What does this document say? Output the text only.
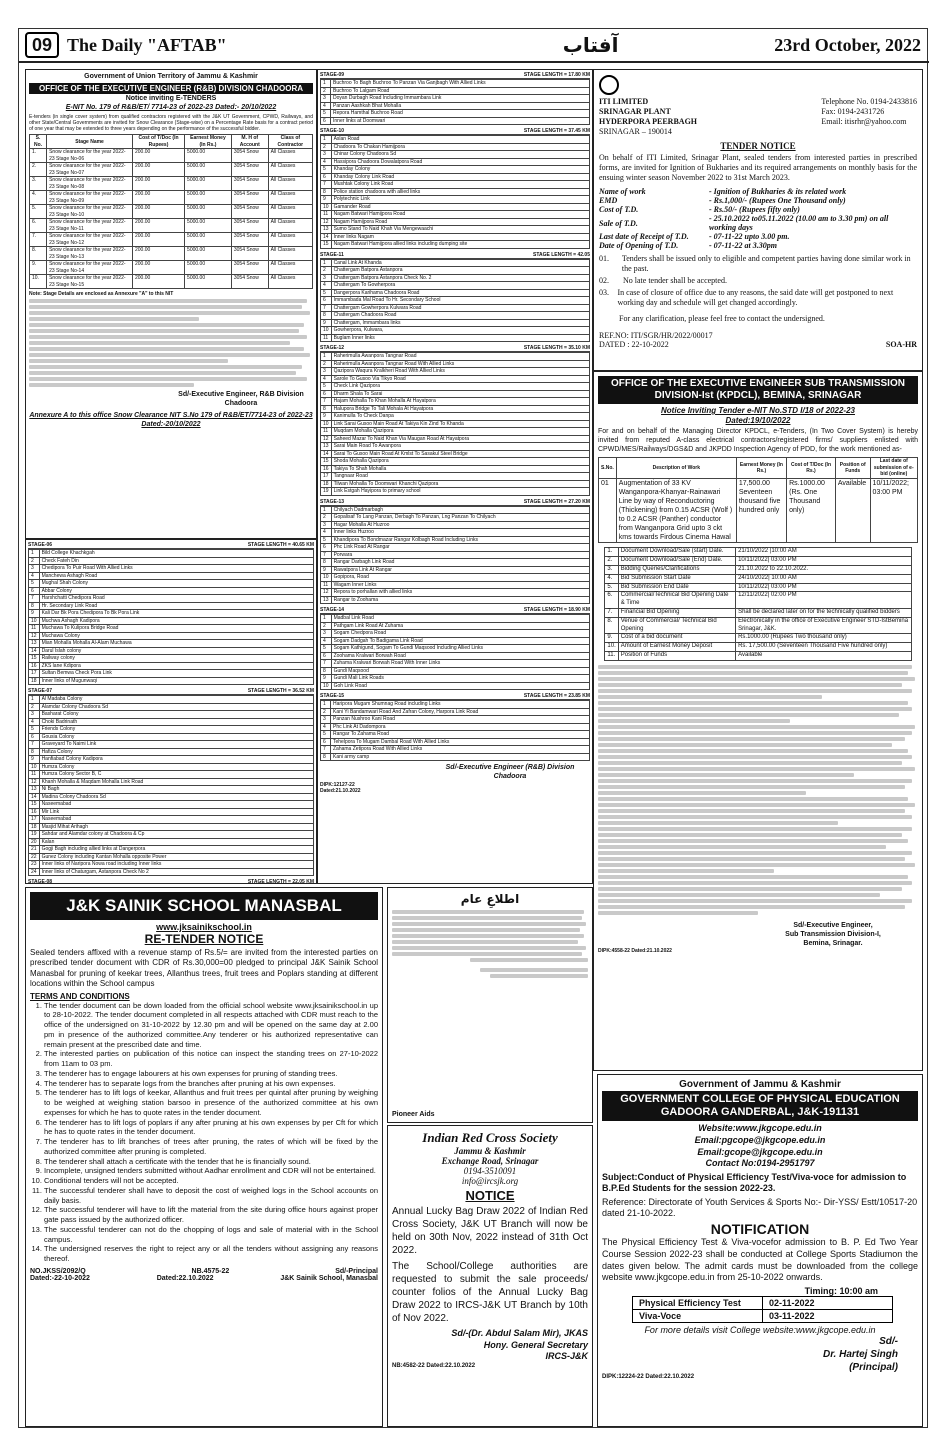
09 The Daily "AFTAB"	آفتاب	23rd October, 2022
Government of Union Territory of Jammu & Kashmir
OFFICE OF THE EXECUTIVE ENGINEER (R&B) DIVISION CHADOORA
Notice inviting E-TENDERS
E-NIT No. 179 of R&B/ET/ 7714-23 of 2022-23 Dated:- 20/10/2022
E-tenders (in single cover system) from qualified contractors registered with the J&K UT Government, CPWD, Railways, and other State/Central Governments are invited for Snow Clearance (Stage-wise) on a Percentage Rate basis for a contract period of one year that may be extended to three years depending on the performance of the successful bidder.
S. No.	Stage Name	Cost of T/Doc (In Rupees)	Earnest Money (In Rs.)	M. H of Account	Class of Contractor
1.	Snow clearance for the year 2022-23 Stage No-06	200.00	5000.00	3054 Snow	All Classes
2.	Snow clearance for the year 2022-23 Stage No-07	200.00	5000.00	3054 Snow	All Classes
3.	Snow clearance for the year 2022-23 Stage No-08	200.00	5000.00	3054 Snow	All Classes
4.	Snow clearance for the year 2022-23 Stage No-09	200.00	5000.00	3054 Snow	All Classes
5.	Snow clearance for the year 2022-23 Stage No-10	200.00	5000.00	3054 Snow	All Classes
6.	Snow clearance for the year 2022-23 Stage No-11	200.00	5000.00	3054 Snow	All Classes
7.	Snow clearance for the year 2022-23 Stage No-12	200.00	5000.00	3054 Snow	All Classes
8.	Snow clearance for the year 2022-23 Stage No-13	200.00	5000.00	3054 Snow	All Classes
9.	Snow clearance for the year 2022-23 Stage No-14	200.00	5000.00	3054 Snow	All Classes
10.	Snow clearance for the year 2022-23 Stage No-15	200.00	5000.00	3054 Snow	All Classes
Note: Stage Details are enclosed as Annexure "A" to this NIT
Sd/-Executive Engineer, R&B Division Chadoora
Annexure A to this office Snow Clearance NIT S.No 179 of R&B/ET/7714-23 of 2022-23 Dated:-20/10/2022
STAGE-06	STAGE LENGTH = 40.65 KM
1	Bild College Khachkgah
2	Check Fateh Din
3	Chedipora To Puir Road With Allied Links
4	Manchewa Ashagh Road
5	Mughal Shah Colony
6	Abbar Colony
7	Harshchatti Chedipora Road
8	Hr. Secondary Link Road
9	Kali Dar Bk Pora Chedipora To Bk Pora Link
10	Muchwa Ashagh Kadipora
11	Muchawa To Kulipora Bridge Road
12	Muchawa Colony
13	Mian Mohalla Mohalla Al-Alam Muchawa
14	Darul Islah colony
15	Railway colony
16	ZKS lane Kdipora
17	Sultan Bemwa Check Pora Link
18	Inner links of Mugunwaqi
STAGE-07	STAGE LENGTH = 36.52 KM
1	Al Madaba Colony
2	Alamdar Colony Chadoora Sd
3	Basharat Colony
4	Choki Badrinath
5	Friends Colony
6	Gousia Colony
7	Graveyard To Naimi Link
8	Hafiza Colony
9	Hanfiabad Colony Kadipora
10	Humza Colony
11	Humza Colony Sector B, C
12	Khanh Mohalla & Maqdam Mohalla Link Road
13	Ni Bagh
14	Madina Colony Chadoora Sd
15	Naseemabad
16	Mir Link
17	Naseemabad
18	Masjid Mihat Arihagh
19	Sahdar and Alamdar colony at Chadoora & Cp
20	Kalan
21	Gogji Bagh including allied links at Dangerpora
22	Gunez Colony including Kantan Mohalla opposite Power
23	Inner links of Naripora Nowa road including Inner links
24	Inner links of Chaturgam, Astanpora Check No 2
STAGE-08	STAGE LENGTH = 22.05 KM

STAGE-09	STAGE LENGTH = 17.80 KM
1	Buchroo To Bagh Buchroo To Panzan Via Ganjbagh With Allied Links
2	Buchroo To Lalgam Road
3	Doyan Durbagh Road Including Immambara Link
4	Panzan Aashkah Bhat Mohalla
5	Repora Hamthal Buchroo Road
6	Inner links at Doomwari
STAGE-10	STAGE LENGTH = 37.45 KM
1	Aslan Road
2	Chadoora To Chakan Hamijpora
3	Chinar Colony Chadoora Sd
4	Hassipora Chadoora Dowalatpora Road
5	Khanday Colony
6	Khanday Colony Link Road
7	Mushtak Colony Link Road
8	Police station chadoora with allied links
9	Polytechnic Link
10	Gamander Road
11	Nagam Batwari Hamijpora Road
12	Nagam Hamijpora Road
13	Sumo Stand To Naid Khah Via Mengewaachi
14	Inner links Nagam
15	Nagam Batwari Hamijpora allied links including dumping site
STAGE-11	STAGE LENGTH = 42.05
1	Canal Link At Khanda
2	Chattergam Batpora Astanpora
3	Chattergam Batpora Astanpora Check No. 2
4	Chattergam To Gowherpora
5	Dangerpora Karihama Chadoora Road
6	Immambada Mal Road To Hr. Secondary School
7	Chattergam Gowherpora Kulwara Road
8	Chattergam Chadoora Road
9	Chattergam, Immambara links
10	Gowherpora, Kulwara,
11	Buglam Inner links
STAGE-12	STAGE LENGTH = 35.10 KM
1	Raherimulla Awanpora Tangnar Road
2	Raherimulla Awanpora Tangnar Road With Allied Links
3	Qazipora Waqura Kralkheri Road With Allied Links
4	Sarole To Gusoo Via Tikyo Road
5	Check Link Qazipora
6	Dharm Shala To Sarai
7	Hajam Mohalla To Khan Mohalla At Hayatpora
8	Halupora Bridge To Tali Mohala At Hayatpora
9	Kanimulla To Check Danpa
10	Link Sarai Gusoo Main Road At Takiya Kin Zind To Khanda
11	Muqdam Mohalla Qazipora
12	Saheed Mazar To Naid Khan Via Maugan Road At Hayatpora
13	Sarai Main Road To Awanpora
14	Sarai To Gusoo Main Road At Kmlst To Sasakul Steel Bridge
15	Shoda Mohalla Qazipora
16	Takiya To Shah Mohalla
17	Tangnaar Road
18	Tilwan Mohalla To Doomwari Khanchi Qazipora
19	Link Estgah Hayipora to primary school
STAGE-13	STAGE LENGTH = 27.20 KM
1	Chilyach Dadmarbagh
2	Gopalisaf To Lang Panzan, Derbagh To Panzan, Lng Panzan To Chilyach
3	Hagar Mohalla At Huzroo
4	Inner links Huzroo
5	Khandipora To Bondmazar Rangar Kolbagh Road Including Links
6	Phc Link Road At Rangar
7	Porwara
8	Rangar Darbagh Link Road
9	Rawatpora Link At Rangar
10	Gopipora, Road
11	Wagam Inner Links
12	Repora to porhallan with allied links
13	Rangar to Zoohama
STAGE-14	STAGE LENGTH = 18.90 KM
1	Madbal Link Road
2	Pathgam Link Road At Zuhama
3	Sogam Chedpora Road
4	Sogam Dadgah To Badigama Link Road
5	Sogam Kathigund, Sogam To Gundi Maqsood Including Allied Links
6	Zoohama Kralwari Borwah Road
7	Zuhama Kralwari Borwah Road With Inner Links
8	Gundi Maqsood
9	Gundi Mali Link Roads
10	Goh Link Road
STAGE-15	STAGE LENGTH = 23.85 KM
1	Haripora Mugam Shumnag Road including Links
2	Kani Yi Bandamwari Road And Zafran Colony, Harpora Link Road
3	Panzan Nushroo Kani Road
4	Phc Link At Dadompora
5	Rangar To Zahama Road
6	Tehelpora To Mugam Dambal Road With Allied Links
7	Zahama Zetipora Road With Allied Links
8	Kani army camp
Sd/-Executive Engineer (R&B) Division Chadoora
DIPK:12127-22
Dated:21.10.2022
ITI LIMITED
SRINAGAR PLANT
HYDERPORA PEERBAGH
SRINAGAR – 190014
Telephone No. 0194-2433816
Fax: 0194-2431726
Email: itisrhr@yahoo.com
TENDER NOTICE
On behalf of ITI Limited, Srinagar Plant, sealed tenders from interested parties in prescribed forms, are invited for Ignition of Bukharies and its required arrangements on monthly basis for the ensuing winter season November 2022 to 31st March 2023.
Name of work	- Ignition of Bukharies & its related work
EMD	- Rs.1,000/- (Rupees One Thousand only)
Cost of T.D.	- Rs.50/- (Rupees fifty only)
Sale of T.D.	- 25.10.2022 to05.11.2022 (10.00 am to 3.30 pm) on all working days
Last date of Receipt of T.D.	- 07-11-22 upto 3.00 pm.
Date of Opening of T.D.	- 07-11-22 at 3.30pm
01.	Tenders shall be issued only to eligible and competent parties having done similar work in the past.
02.	No late tender shall be accepted.
03. In case of closure of office due to any reasons, the said date will get postponed to next working day and schedule will get changed accordingly.
For any clarification, please feel free to contact the undersigned.
REF.NO: ITI/SGR/HR/2022/00017
DATED : 22-10-2022	SOA-HR
OFFICE OF THE EXECUTIVE ENGINEER SUB TRANSMISSION
DIVISION-Ist (KPDCL), BEMINA, SRINAGAR
Notice Inviting Tender e-NIT No.STD I/18 of 2022-23
Dated:19/10/2022
For and on behalf of the Managing Director KPDCL, e-Tenders, (In Two Cover System) is hereby invited from reputed A-class electrical contractors/registered firms/ suppliers enlisted with CPWD/MES/Railways/DGS&D and JKPDD Inspection Agency of PDD, for the work mentioned as-
S.No.	Description of Work	Earnest Money (In Rs.)	Cost of T/Doc (In Rs.)	Position of Funds	Last date of submission of e-bid (online)
01	Augmentation of 33 KV Wanganpora-Khanyar-Rainawari Line by way of Reconductoring (Thickening) from 0.15 ACSR (Wolf ) to 0.2 ACSR (Panther) conductor from Wanganpora Grid upto 3 ckt kms towards Firdous Cinema Hawal	17,500.00 Seventeen thousand five hundred only	Rs.1000.00 (Rs. One Thousand only)	Available	10/11/2022; 03:00 PM
1.	Document Download/Sale (start) Date.	21/10/2022 |10:00 AM
2.	Document Download/Sale (End) Date.	10/11/2022| 03:00 PM
3.	Bidding Queries/Clarifications	21.10.2022 to 22.10.2022.
4.	Bid Submission Start Date	24/10/2022| 10:00 AM
5.	Bid Submission End Date	10/11/2022| 03:00 PM
6.	Commercial/Technical Bid Opening Date & Time	12/11/2022| 02:00 PM
7.	Financial Bid Opening	Shall be declared later on for the technically qualified bidders
8.	Venue of Commercial/ Technical Bid Opening	Electronically in the office of Executive Engineer STD-IstBemina Srinagar, J&K.
9.	Cost of a bid document	Rs.1000.00 (Rupees Two thousand only)
10.	Amount of Earnest Money Deposit	Rs. 17,500.00 (Seventeen Thousand Five hundred only)
11.	Position of Funds	Available
Sd/-Executive Engineer,
Sub Transmission Division-I,
Bemina, Srinagar.
DIPK:4558-22 Dated:21.10.2022
J&K SAINIK SCHOOL MANASBAL
www.jksainikschool.in
RE-TENDER NOTICE
Sealed tenders affixed with a revenue stamp of Rs.5/= are invited from the interested parties on prescribed tender document with CDR of Rs.30,000=00 pledged to principal J&K Sainik School Manasbal for pruning of keekar trees, Allanthus trees, fruit trees and Poplars standing at different locations within the School campus
TERMS AND CONDITIONS
1. The tender document can be down loaded from the official school website www.jksainikschool.in up to 28-10-2022. The tender document completed in all respects attached with CDR must reach to the office of the undersigned on 31-10-2022 by 12.30 pm and will be opened on the same day at 2.00 pm in presence of the authorized committee.Any tenderer or his authorized representative can remain present at the prescribed date and time.
2. The interested parties on publication of this notice can inspect the standing trees on 27-10-2022 from 11am to 03 pm.
3. The tenderer has to engage labourers at his own expenses for pruning of standing trees.
4. The tenderer has to separate logs from the branches after pruning at his own expenses.
5. The tenderer has to lift logs of keekar, Allanthus and fruit trees per quintal after pruning by weighing to be weighed at weighing station barsoo in presence of the authorized committee at his own expenses for which he has to quote rates in the tender document.
6. The tenderer has to lift logs of poplars if any after pruning at his own expenses by per Cft for which he has to quote rates in the tender document.
7. The tenderer has to lift branches of trees after pruning, the rates of which will be fixed by the authorized committee after pruning is completed.
8. The tenderer shall attach a certificate with the tender that he is financially sound.
9. Incomplete, unsigned tenders submitted without Aadhar enrollment and CDR will not be entertained.
10. Conditional tenders will not be accepted.
11. The successful tenderer shall have to deposit the cost of weighed logs in the School accounts on daily basis.
12. The successful tenderer will have to lift the material from the site during office hours against proper gate pass issued by the authorized officer.
13. The successful tenderer can not do the chopping of logs and sale of material with in the School campus.
14. The undersigned reserves the right to reject any or all the tenders without assigning any reasons thereof.
NO.JKSS/2092/Q	NB.4575-22	Sd/-Principal
Dated:-22-10-2022	Dated:22.10.2022	J&K Sainik School, Manasbal
اطلاعِ عام
Pioneer Aids
Indian Red Cross Society
Jammu & Kashmir
Exchange Road, Srinagar
0194-3510091
info@ircsjk.org
NOTICE
Annual Lucky Bag Draw 2022 of Indian Red Cross Society, J&K UT Branch will now be held on 30th Nov, 2022 instead of 31th Oct 2022.
The School/College authorities are requested to submit the sale proceeds/ counter folios of the Annual Lucky Bag Draw 2022 to IRCS-J&K UT Branch by 10th of Nov 2022.
Sd/-(Dr. Abdul Salam Mir), JKAS
Hony. General Secretary
IRCS-J&K
NB:4582-22 Dated:22.10.2022
Government of Jammu & Kashmir
GOVERNMENT COLLEGE OF PHYSICAL EDUCATION
GADOORA GANDERBAL, J&K-191131
Website:www.jkgcope.edu.in
Email:pgcope@jkgcope.edu.in
Email:gcope@jkgcope.edu.in
Contact No:0194-2951797
Subject:Conduct of Physical Efficiency Test/Viva-voce for admission to B.P.Ed Students for the session 2022-23.
Reference: Directorate of Youth Services & Sports No:- Dir-YSS/ Estt/10517-20 dated 21-10-2022.
NOTIFICATION
The Physical Efficiency Test & Viva-vocefor admission to B. P. Ed Two Year Course Session 2022-23 shall be conducted at College Sports Stadiumon the dates given below. The admit cards must be downloaded from the college website www.jkgcope.edu.in from 25-10-2022 onwards.
Timing: 10:00 am
Physical Efficiency Test	02-11-2022
Viva-Voce	03-11-2022
For more details visit College website:www.jkgcope.edu.in
Sd/-
Dr. Hartej Singh
(Principal)
DIPK:12224-22 Dated:22.10.2022
